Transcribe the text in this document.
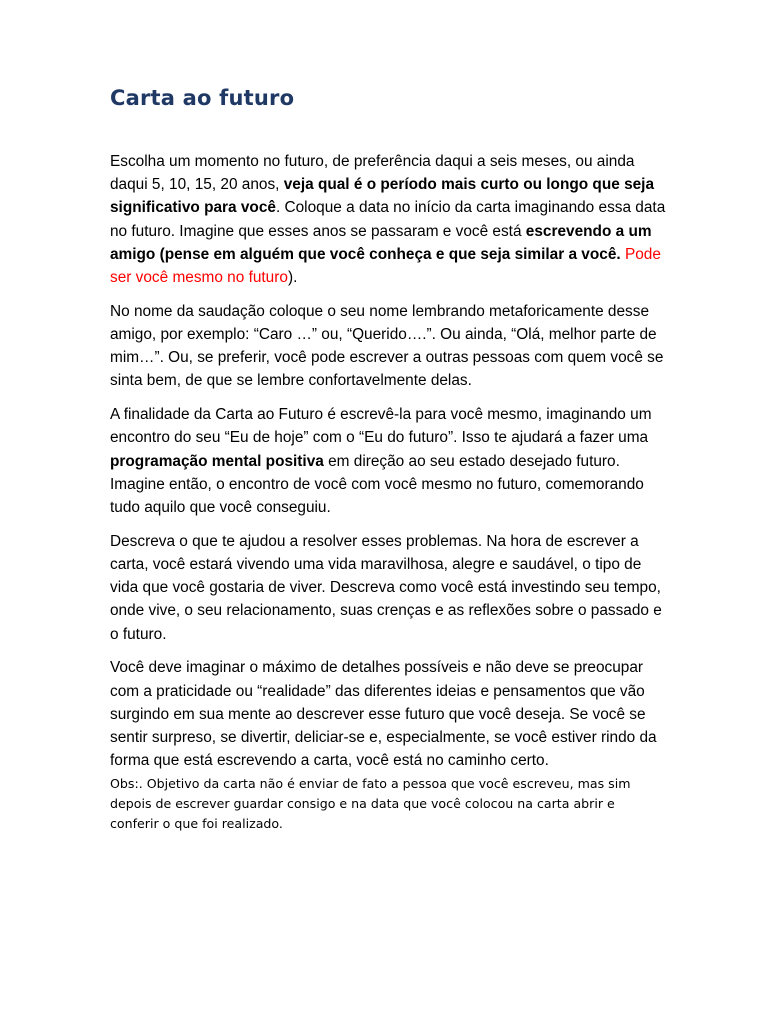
Carta ao futuro

Escolha um momento no futuro, de preferência daqui a seis meses, ou ainda daqui 5, 10, 15, 20 anos, veja qual é o período mais curto ou longo que seja significativo para você. Coloque a data no início da carta imaginando essa data no futuro. Imagine que esses anos se passaram e você está escrevendo a um amigo (pense em alguém que você conheça e que seja similar a você. Pode ser você mesmo no futuro).

No nome da saudação coloque o seu nome lembrando metaforicamente desse amigo, por exemplo: “Caro …” ou, “Querido….”. Ou ainda, “Olá, melhor parte de mim…”. Ou, se preferir, você pode escrever a outras pessoas com quem você se sinta bem, de que se lembre confortavelmente delas.

A finalidade da Carta ao Futuro é escrevê-la para você mesmo, imaginando um encontro do seu “Eu de hoje” com o “Eu do futuro”. Isso te ajudará a fazer uma programação mental positiva em direção ao seu estado desejado futuro. Imagine então, o encontro de você com você mesmo no futuro, comemorando tudo aquilo que você conseguiu.

Descreva o que te ajudou a resolver esses problemas. Na hora de escrever a carta, você estará vivendo uma vida maravilhosa, alegre e saudável, o tipo de vida que você gostaria de viver. Descreva como você está investindo seu tempo, onde vive, o seu relacionamento, suas crenças e as reflexões sobre o passado e o futuro.

Você deve imaginar o máximo de detalhes possíveis e não deve se preocupar com a praticidade ou “realidade” das diferentes ideias e pensamentos que vão surgindo em sua mente ao descrever esse futuro que você deseja. Se você se sentir surpreso, se divertir, deliciar-se e, especialmente, se você estiver rindo da forma que está escrevendo a carta, você está no caminho certo.

Obs:. Objetivo da carta não é enviar de fato a pessoa que você escreveu, mas sim depois de escrever guardar consigo e na data que você colocou na carta abrir e conferir o que foi realizado.
